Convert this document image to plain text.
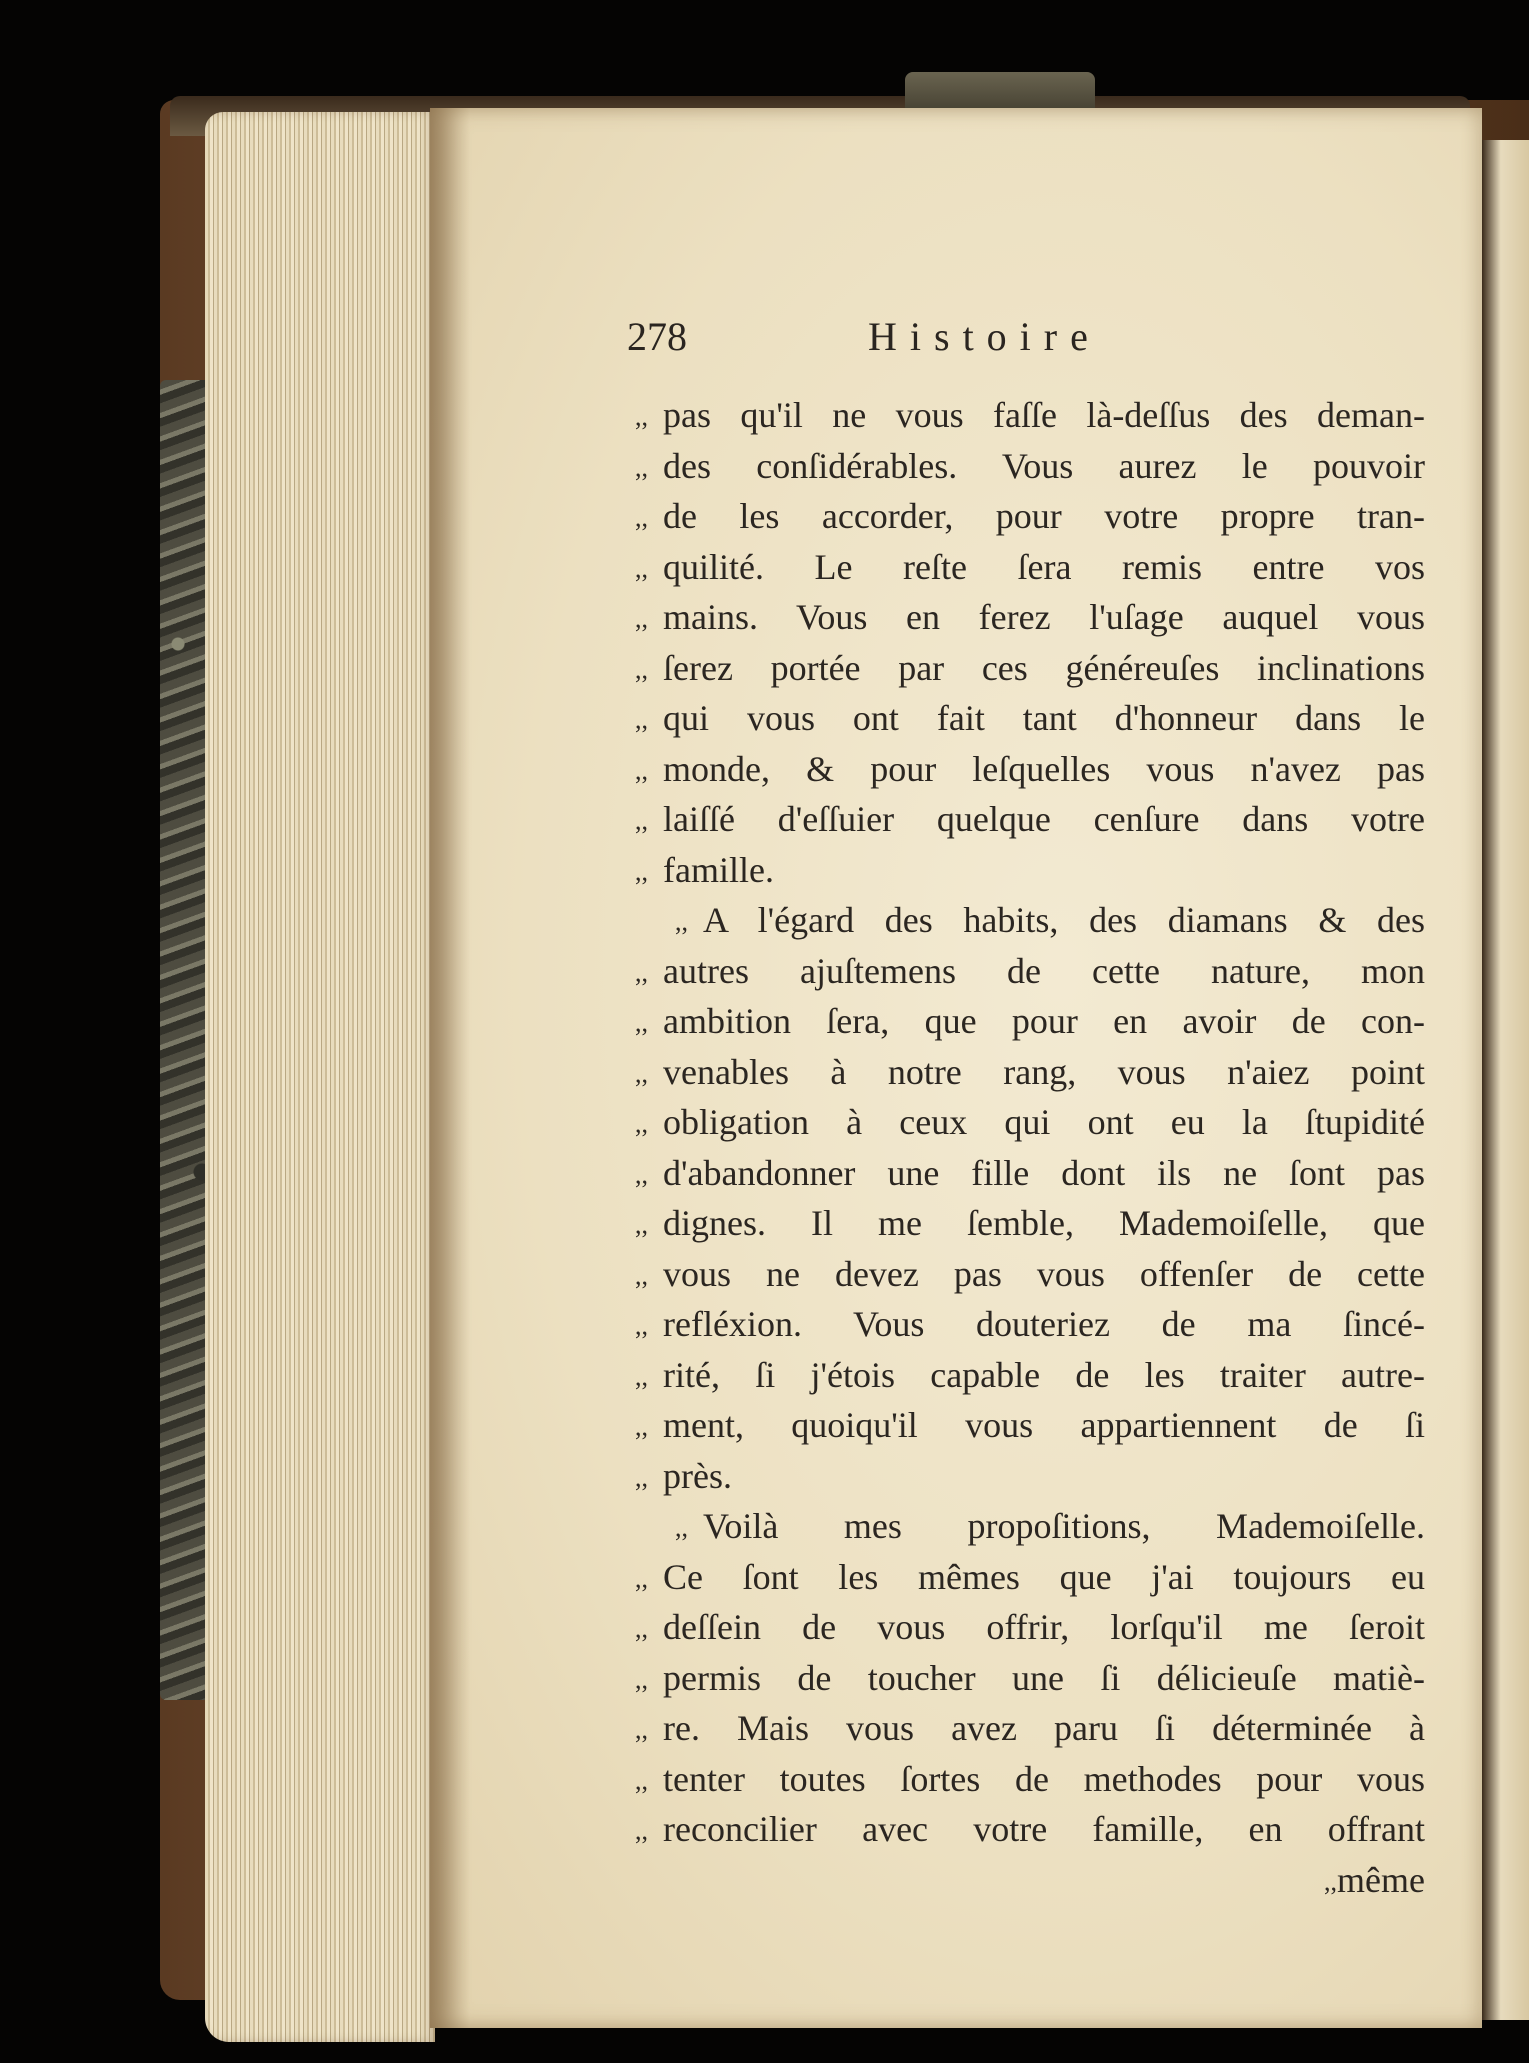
278	Histoire
,, pas qu'il ne vous faſſe là-deſſus des deman-
,, des conſidérables. Vous aurez le pouvoir
,, de les accorder, pour votre propre tran-
,, quilité. Le reſte ſera remis entre vos
,, mains. Vous en ferez l'uſage auquel vous
,, ſerez portée par ces généreuſes inclinations
,, qui vous ont fait tant d'honneur dans le
,, monde, & pour leſquelles vous n'avez pas
,, laiſſé d'eſſuier quelque cenſure dans votre
,, famille.
,, A l'égard des habits, des diamans & des
,, autres ajuſtemens de cette nature, mon
,, ambition ſera, que pour en avoir de con-
,, venables à notre rang, vous n'aiez point
,, obligation à ceux qui ont eu la ſtupidité
,, d'abandonner une fille dont ils ne ſont pas
,, dignes. Il me ſemble, Mademoiſelle, que
,, vous ne devez pas vous offenſer de cette
,, refléxion. Vous douteriez de ma ſincé-
,, rité, ſi j'étois capable de les traiter autre-
,, ment, quoiqu'il vous appartiennent de ſi
,, près.
,, Voilà mes propoſitions, Mademoiſelle.
,, Ce ſont les mêmes que j'ai toujours eu
,, deſſein de vous offrir, lorſqu'il me ſeroit
,, permis de toucher une ſi délicieuſe matiè-
,, re. Mais vous avez paru ſi déterminée à
,, tenter toutes ſortes de methodes pour vous
,, reconcilier avec votre famille, en offrant
,,même
